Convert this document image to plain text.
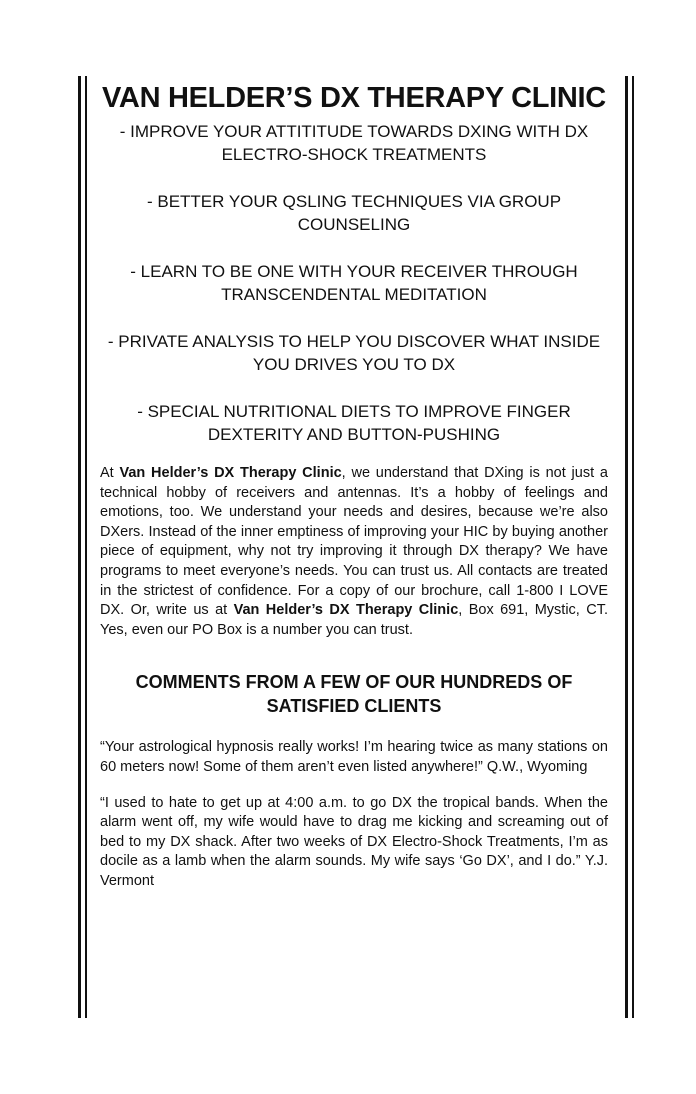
VAN HELDER’S DX THERAPY CLINIC
- IMPROVE YOUR ATTITITUDE TOWARDS DXING WITH DX ELECTRO-SHOCK TREATMENTS
- BETTER YOUR QSLING TECHNIQUES VIA GROUP COUNSELING
- LEARN TO BE ONE WITH YOUR RECEIVER THROUGH TRANSCENDENTAL MEDITATION
- PRIVATE ANALYSIS TO HELP YOU DISCOVER WHAT INSIDE YOU DRIVES YOU TO DX
- SPECIAL NUTRITIONAL DIETS TO IMPROVE FINGER DEXTERITY AND BUTTON-PUSHING

At Van Helder’s DX Therapy Clinic, we understand that DXing is not just a technical hobby of receivers and antennas. It’s a hobby of feelings and emotions, too. We understand your needs and desires, because we’re also DXers. Instead of the inner emptiness of improving your HIC by buying another piece of equipment, why not try improving it through DX therapy? We have programs to meet everyone’s needs. You can trust us. All contacts are treated in the strictest of confidence. For a copy of our brochure, call 1-800 I LOVE DX. Or, write us at Van Helder’s DX Therapy Clinic, Box 691, Mystic, CT. Yes, even our PO Box is a number you can trust.

COMMENTS FROM A FEW OF OUR HUNDREDS OF SATISFIED CLIENTS

“Your astrological hypnosis really works! I’m hearing twice as many stations on 60 meters now! Some of them aren’t even listed anywhere!” Q.W., Wyoming

“I used to hate to get up at 4:00 a.m. to go DX the tropical bands. When the alarm went off, my wife would have to drag me kicking and screaming out of bed to my DX shack. After two weeks of DX Electro-Shock Treatments, I’m as docile as a lamb when the alarm sounds. My wife says ‘Go DX’, and I do.” Y.J. Vermont
